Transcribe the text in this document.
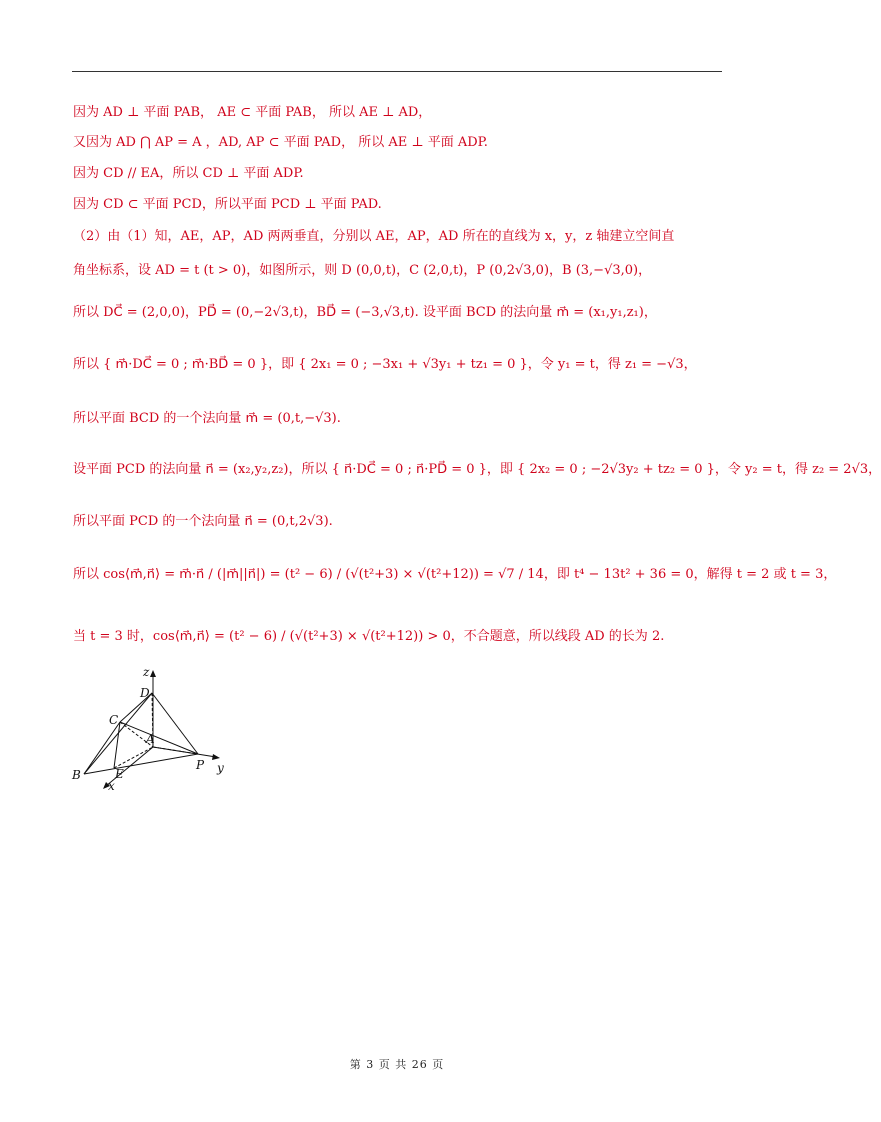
因为 AD ⊥ 平面 PAB， AE ⊂ 平面 PAB， 所以 AE ⊥ AD，
又因为 AD ⋂ AP = A ，AD, AP ⊂ 平面 PAD， 所以 AE ⊥ 平面 ADP.
因为 CD // EA，所以 CD ⊥ 平面 ADP.
因为 CD ⊂ 平面 PCD，所以平面 PCD ⊥ 平面 PAD.
（2）由（1）知，AE，AP，AD 两两垂直，分别以 AE，AP，AD 所在的直线为 x，y，z 轴建立空间直
角坐标系，设 AD = t (t > 0)，如图所示，则 D (0,0,t)，C (2,0,t)，P (0,2√3,0)，B (3,−√3,0)，
所以 DC⃗ = (2,0,0)，PD⃗ = (0,−2√3,t)，BD⃗ = (−3,√3,t). 设平面 BCD 的法向量 m⃗ = (x₁,y₁,z₁)，
所以 { m⃗·DC⃗ = 0 ; m⃗·BD⃗ = 0 }，即 { 2x₁ = 0 ; −3x₁ + √3y₁ + tz₁ = 0 }，令 y₁ = t，得 z₁ = −√3，
所以平面 BCD 的一个法向量 m⃗ = (0,t,−√3).
设平面 PCD 的法向量 n⃗ = (x₂,y₂,z₂)，所以 { n⃗·DC⃗ = 0 ; n⃗·PD⃗ = 0 }，即 { 2x₂ = 0 ; −2√3y₂ + tz₂ = 0 }，令 y₂ = t，得 z₂ = 2√3，
所以平面 PCD 的一个法向量 n⃗ = (0,t,2√3).
所以 cos⟨m⃗,n⃗⟩ = m⃗·n⃗ / (|m⃗||n⃗|) = (t² − 6) / (√(t²+3) × √(t²+12)) = √7 / 14，即 t⁴ − 13t² + 36 = 0，解得 t = 2 或 t = 3，
当 t = 3 时，cos⟨m⃗,n⃗⟩ = (t² − 6) / (√(t²+3) × √(t²+12)) > 0，不合题意，所以线段 AD 的长为 2.
z
D
C
A
B	E
P
x
y
第 3 页 共 26 页
